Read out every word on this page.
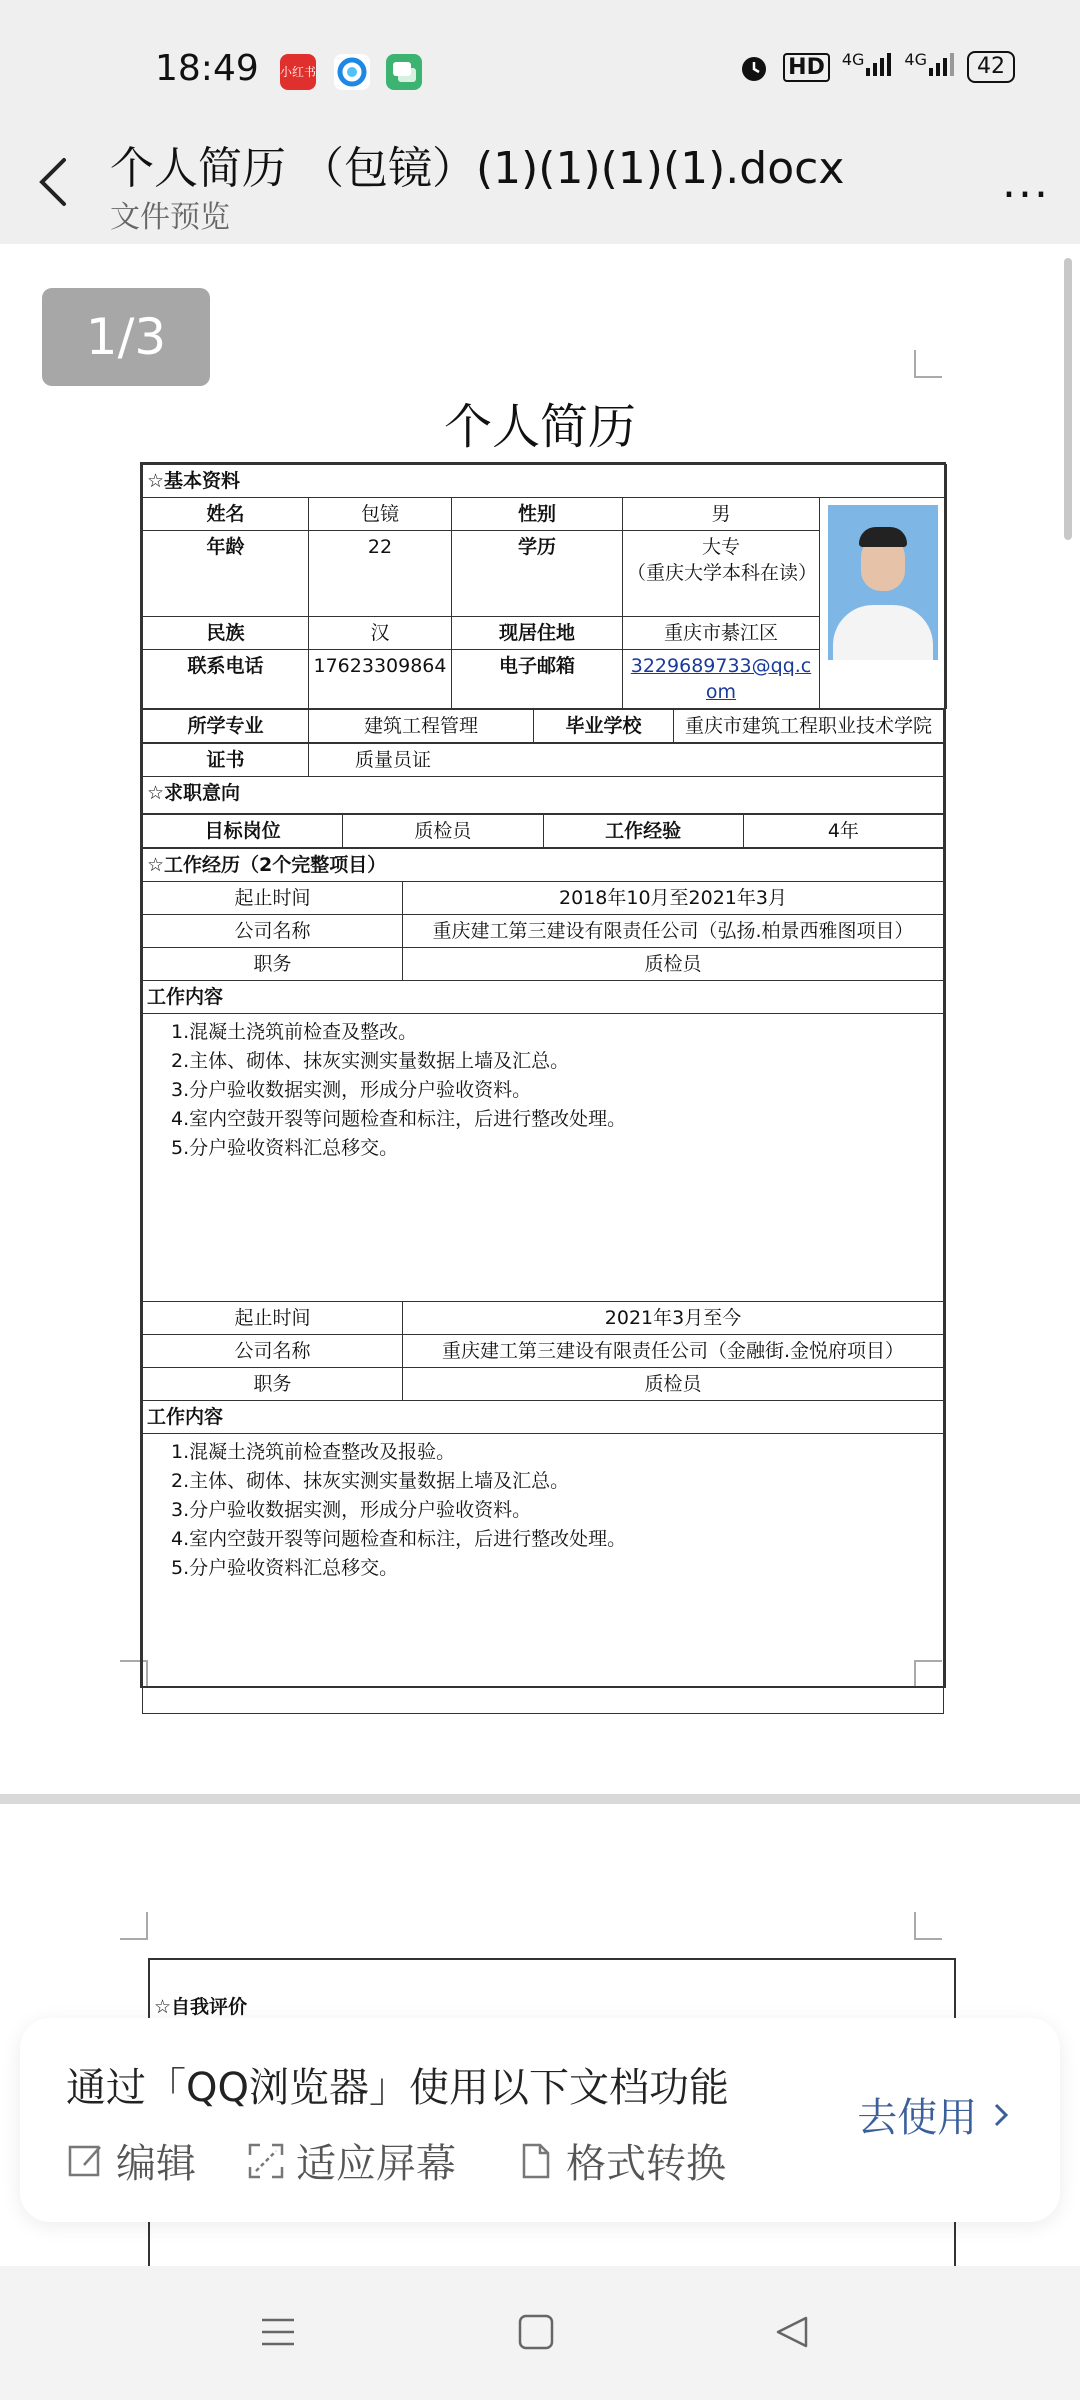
18:49 小红书	HD	$^{4G}$	$^{4G}$	42
个人简历 （包镜）(1)(1)(1)(1).docx
文件预览
...
1/3
个人简历
☆基本资料				
姓名	包镜	性别	男	

年龄	22	学历	大专
（重庆大学本科在读）	
民族	汉	现居住地	重庆市綦江区	
联系电话	17623309864	电子邮箱	3229689733@qq.com	
所学专业	建筑工程管理	毕业学校	重庆市建筑工程职业技术学院
证书	质量员证
☆求职意向
目标岗位	质检员	工作经验	4年
☆工作经历（2个完整项目）	
起止时间	2018年10月至2021年3月
公司名称	重庆建工第三建设有限责任公司（弘扬.柏景西雅图项目）
职务	质检员
工作内容	

1.混凝土浇筑前检查及整改。
2.主体、砌体、抹灰实测实量数据上墙及汇总。
3.分户验收数据实测，形成分户验收资料。
4.室内空鼓开裂等问题检查和标注，后进行整改处理。
5.分户验收资料汇总移交。	

起止时间	2021年3月至今
公司名称	重庆建工第三建设有限责任公司（金融街.金悦府项目）
职务	质检员
工作内容	

1.混凝土浇筑前检查整改及报验。
2.主体、砌体、抹灰实测实量数据上墙及汇总。
3.分户验收数据实测，形成分户验收资料。
4.室内空鼓开裂等问题检查和标注，后进行整改处理。
5.分户验收资料汇总移交。	
☆自我评价
通过「QQ浏览器」使用以下文档功能
编辑	适应屏幕	格式转换
去使用
